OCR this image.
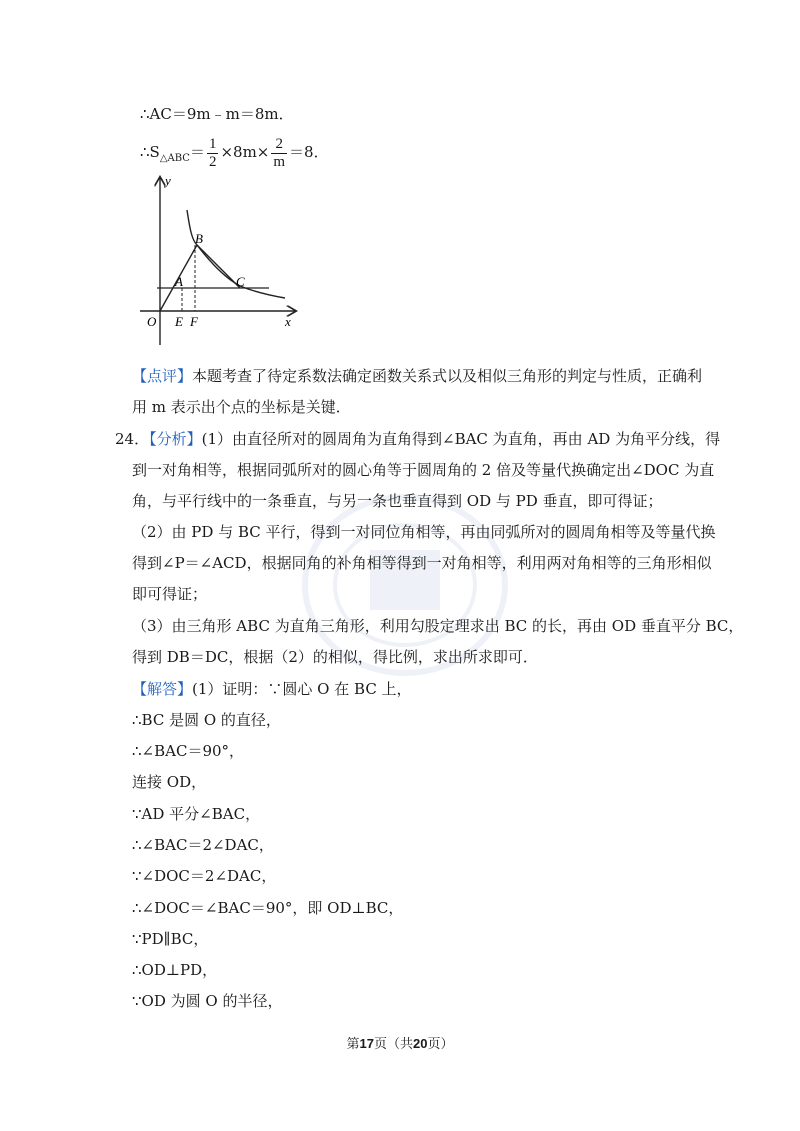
∴AC＝9m﹣m＝8m．
$\therefore S_{\triangle ABC}= \frac{1}{2} \times 8m\times \frac{2}{m} =8$．
y
x
B
A	C
O E F
【点评】本题考查了待定系数法确定函数关系式以及相似三角形的判定与性质，正确利
用 m 表示出个点的坐标是关键．
24．【分析】(1）由直径所对的圆周角为直角得到∠BAC 为直角，再由 AD 为角平分线，得
到一对角相等，根据同弧所对的圆心角等于圆周角的 2 倍及等量代换确定出∠DOC 为直
角，与平行线中的一条垂直，与另一条也垂直得到 OD 与 PD 垂直，即可得证；
（2）由 PD 与 BC 平行，得到一对同位角相等，再由同弧所对的圆周角相等及等量代换
得到∠P＝∠ACD，根据同角的补角相等得到一对角相等，利用两对角相等的三角形相似
即可得证；
（3）由三角形 ABC 为直角三角形，利用勾股定理求出 BC 的长，再由 OD 垂直平分 BC，
得到 DB＝DC，根据（2）的相似，得比例，求出所求即可．
【解答】(1）证明：∵圆心 O 在 BC 上，
∴BC 是圆 O 的直径，
∴∠BAC＝90°，
连接 OD，
∵AD 平分∠BAC，
∴∠BAC＝2∠DAC，
∵∠DOC＝2∠DAC，
∴∠DOC＝∠BAC＝90°，即 OD⊥BC，
∵PD∥BC，
∴OD⊥PD，
∵OD 为圆 O 的半径，
第17页（共20页）
